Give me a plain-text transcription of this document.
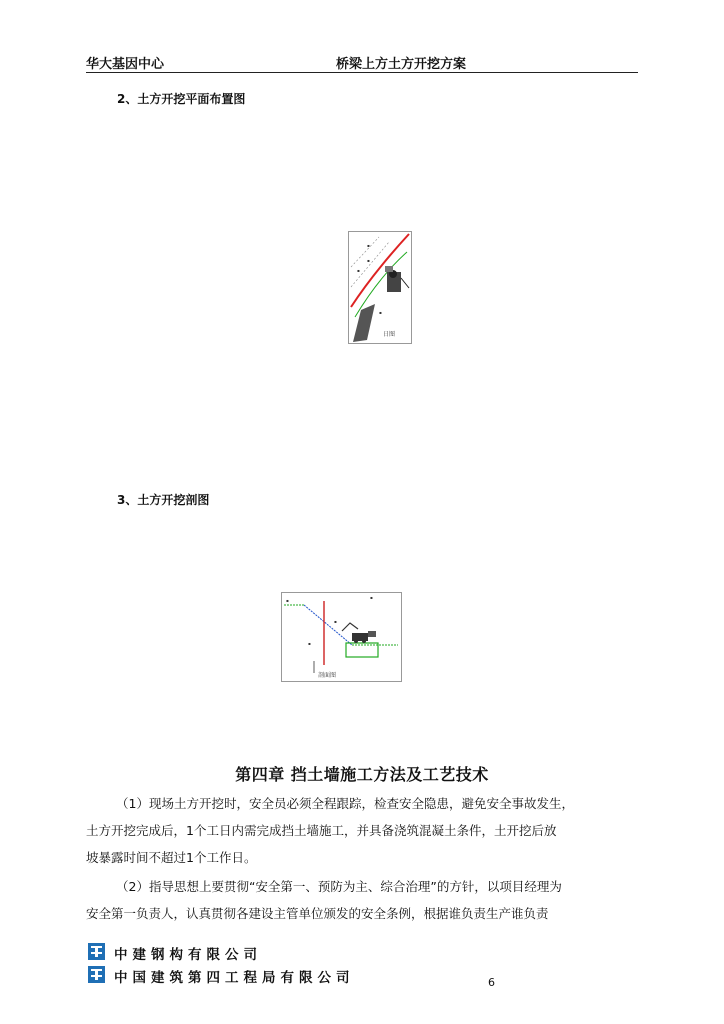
华大基因中心	桥梁上方土方开挖方案
2、土方开挖平面布置图
▪
▪
▪
▪
日图
3、土方开挖剖图
▪
▪
▪
▪
剖面图
第四章 挡土墙施工方法及工艺技术
（1）现场土方开挖时，安全员必须全程跟踪，检查安全隐患，避免安全事故发生，
土方开挖完成后，1个工日内需完成挡土墙施工，并具备浇筑混凝土条件，土开挖后放
坡暴露时间不超过1个工作日。
（2）指导思想上要贯彻“安全第一、预防为主、综合治理”的方针，以项目经理为
安全第一负责人，认真贯彻各建设主管单位颁发的安全条例，根据谁负责生产谁负责
中建钢构有限公司
中国建筑第四工程局有限公司	6
